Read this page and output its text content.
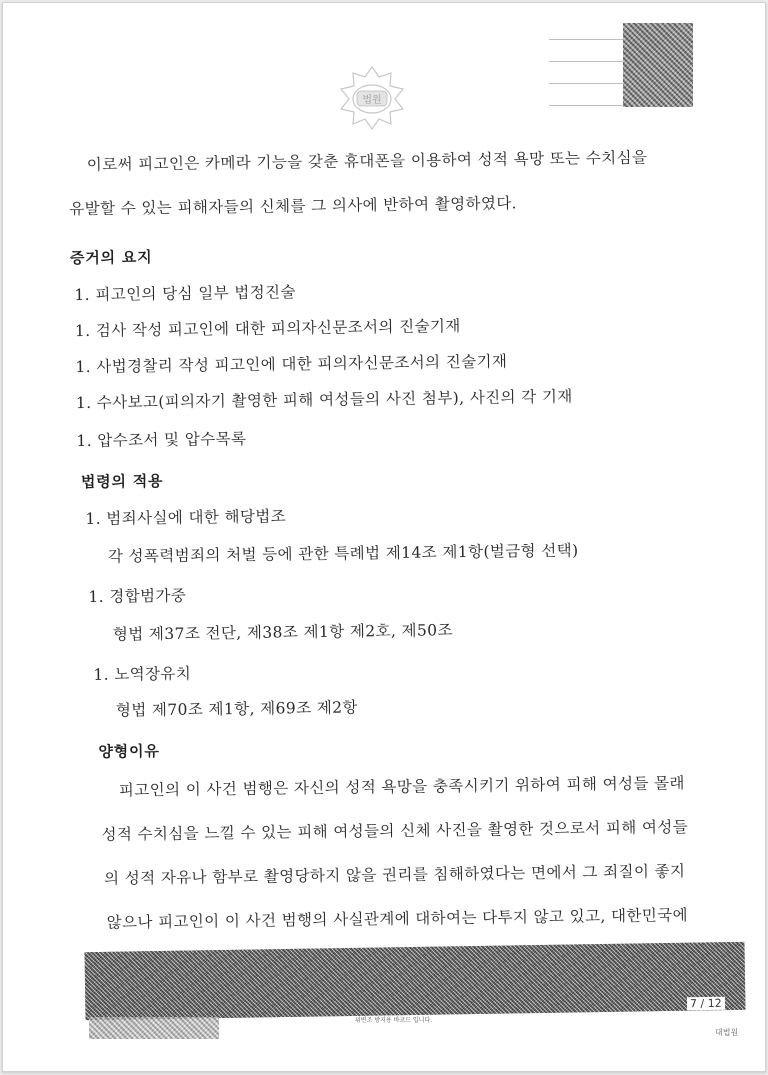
법원
이로써 피고인은 카메라 기능을 갖춘 휴대폰을 이용하여 성적 욕망 또는 수치심을
유발할 수 있는 피해자들의 신체를 그 의사에 반하여 촬영하였다.
증거의 요지
1. 피고인의 당심 일부 법정진술
1. 검사 작성 피고인에 대한 피의자신문조서의 진술기재
1. 사법경찰리 작성 피고인에 대한 피의자신문조서의 진술기재
1. 수사보고(피의자기 촬영한 피해 여성들의 사진 첨부), 사진의 각 기재
1. 압수조서 및 압수목록
법령의 적용
1. 범죄사실에 대한 해당법조
각 성폭력범죄의 처벌 등에 관한 특례법 제14조 제1항(벌금형 선택)
1. 경합범가중
형법 제37조 전단, 제38조 제1항 제2호, 제50조
1. 노역장유치
형법 제70조 제1항, 제69조 제2항
양형이유
피고인의 이 사건 범행은 자신의 성적 욕망을 충족시키기 위하여 피해 여성들 몰래
성적 수치심을 느낄 수 있는 피해 여성들의 신체 사진을 촬영한 것으로서 피해 여성들
의 성적 자유나 함부로 촬영당하지 않을 권리를 침해하였다는 면에서 그 죄질이 좋지
않으나 피고인이 이 사건 범행의 사실관계에 대하여는 다투지 않고 있고, 대한민국에
7 / 12
위변조 방지용 바코드 입니다.
대법원
